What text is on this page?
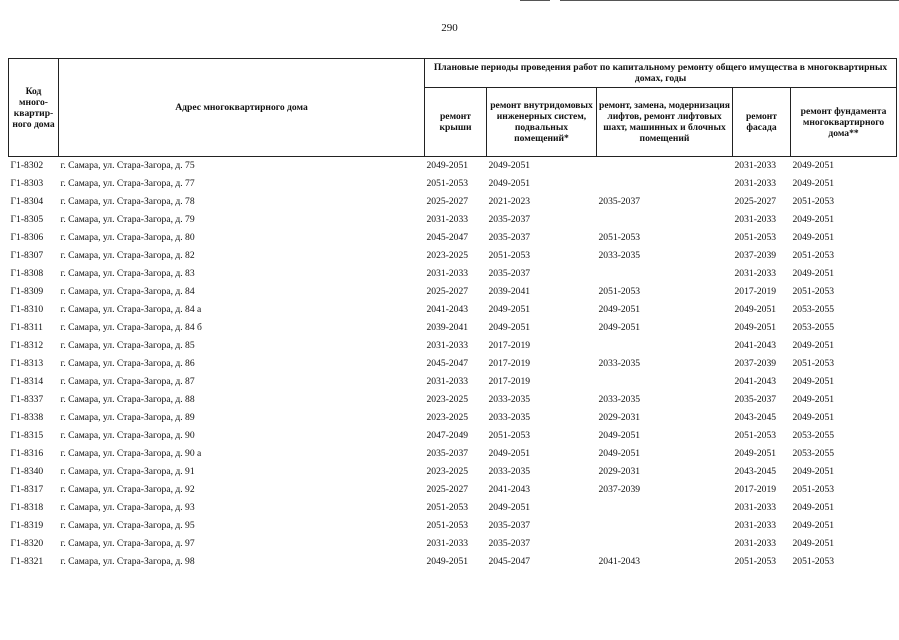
290
Код много-квартир-ного дома	Адрес многоквартирного дома	Плановые периоды проведения работ по капитальному ремонту общего имущества в многоквартирных домах, годы				
		ремонт крыши	ремонт внутридомовых инженерных систем, подвальных помещений*	ремонт, замена, модернизация лифтов, ремонт лифтовых шахт, машинных и блочных помещений	ремонт фасада	ремонт фундамента многоквартирного дома**
Г1-8302	г. Самара, ул. Стара-Загора, д. 75	2049-2051	2049-2051		2031-2033	2049-2051
Г1-8303	г. Самара, ул. Стара-Загора, д. 77	2051-2053	2049-2051		2031-2033	2049-2051
Г1-8304	г. Самара, ул. Стара-Загора, д. 78	2025-2027	2021-2023	2035-2037	2025-2027	2051-2053
Г1-8305	г. Самара, ул. Стара-Загора, д. 79	2031-2033	2035-2037		2031-2033	2049-2051
Г1-8306	г. Самара, ул. Стара-Загора, д. 80	2045-2047	2035-2037	2051-2053	2051-2053	2049-2051
Г1-8307	г. Самара, ул. Стара-Загора, д. 82	2023-2025	2051-2053	2033-2035	2037-2039	2051-2053
Г1-8308	г. Самара, ул. Стара-Загора, д. 83	2031-2033	2035-2037		2031-2033	2049-2051
Г1-8309	г. Самара, ул. Стара-Загора, д. 84	2025-2027	2039-2041	2051-2053	2017-2019	2051-2053
Г1-8310	г. Самара, ул. Стара-Загора, д. 84 а	2041-2043	2049-2051	2049-2051	2049-2051	2053-2055
Г1-8311	г. Самара, ул. Стара-Загора, д. 84 б	2039-2041	2049-2051	2049-2051	2049-2051	2053-2055
Г1-8312	г. Самара, ул. Стара-Загора, д. 85	2031-2033	2017-2019		2041-2043	2049-2051
Г1-8313	г. Самара, ул. Стара-Загора, д. 86	2045-2047	2017-2019	2033-2035	2037-2039	2051-2053
Г1-8314	г. Самара, ул. Стара-Загора, д. 87	2031-2033	2017-2019		2041-2043	2049-2051
Г1-8337	г. Самара, ул. Стара-Загора, д. 88	2023-2025	2033-2035	2033-2035	2035-2037	2049-2051
Г1-8338	г. Самара, ул. Стара-Загора, д. 89	2023-2025	2033-2035	2029-2031	2043-2045	2049-2051
Г1-8315	г. Самара, ул. Стара-Загора, д. 90	2047-2049	2051-2053	2049-2051	2051-2053	2053-2055
Г1-8316	г. Самара, ул. Стара-Загора, д. 90 а	2035-2037	2049-2051	2049-2051	2049-2051	2053-2055
Г1-8340	г. Самара, ул. Стара-Загора, д. 91	2023-2025	2033-2035	2029-2031	2043-2045	2049-2051
Г1-8317	г. Самара, ул. Стара-Загора, д. 92	2025-2027	2041-2043	2037-2039	2017-2019	2051-2053
Г1-8318	г. Самара, ул. Стара-Загора, д. 93	2051-2053	2049-2051		2031-2033	2049-2051
Г1-8319	г. Самара, ул. Стара-Загора, д. 95	2051-2053	2035-2037		2031-2033	2049-2051
Г1-8320	г. Самара, ул. Стара-Загора, д. 97	2031-2033	2035-2037		2031-2033	2049-2051
Г1-8321	г. Самара, ул. Стара-Загора, д. 98	2049-2051	2045-2047	2041-2043	2051-2053	2051-2053
